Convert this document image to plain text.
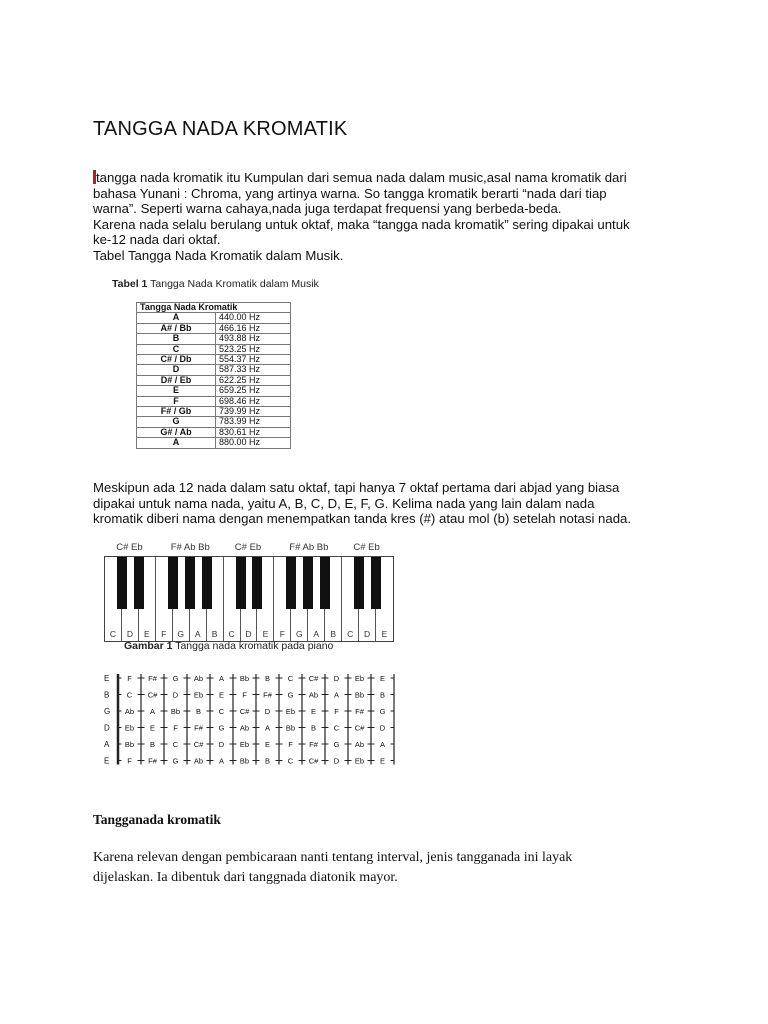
TANGGA NADA KROMATIK

tangga nada kromatik itu Kumpulan dari semua nada dalam music,asal nama kromatik dari

bahasa Yunani : Chroma, yang artinya warna. So tangga kromatik berarti “nada dari tiap

warna”. Seperti warna cahaya,nada juga terdapat frequensi yang berbeda-beda.

Karena nada selalu berulang untuk oktaf, maka “tangga nada kromatik” sering dipakai untuk

ke-12 nada dari oktaf.

Tabel Tangga Nada Kromatik dalam Musik.

Tabel 1 Tangga Nada Kromatik dalam Musik
Tangga Nada Kromatik	
A	440.00 Hz
A# / Bb	466.16 Hz
B	493.88 Hz
C	523.25 Hz
C# / Db	554.37 Hz
D	587.33 Hz
D# / Eb	622.25 Hz
E	659.25 Hz
F	698.46 Hz
F# / Gb	739.99 Hz
G	783.99 Hz
G# / Ab	830.61 Hz
A	880.00 Hz

Meskipun ada 12 nada dalam satu oktaf, tapi hanya 7 oktaf pertama dari abjad yang biasa

dipakai untuk nama nada, yaitu A, B, C, D, E, F, G. Kelima nada yang lain dalam nada

kromatik diberi nama dengan menempatkan tanda kres (#) atau mol (b) setelah notasi nada.

C# Eb	F# Ab Bb	C# Eb	F# Ab Bb	C# Eb
C	D	E	F	G	A	B	C	D	E	F	G	A	B	C	D	E
Gambar 1 Tangga nada kromatik pada piano
E F F# G Ab A Bb B C C# D Eb E
B C C# D Eb E F F# G Ab A Bb B
G Ab A Bb B C C# D Eb E F F# G
D Eb E F F# G Ab A Bb B C C# D
A Bb B C C# D Eb E F F# G Ab A
E F F# G Ab A Bb B C C# D Eb E
Tangganada kromatik

Karena relevan dengan pembicaraan nanti tentang interval, jenis tangganada ini layak

dijelaskan. Ia dibentuk dari tanggnada diatonik mayor.
